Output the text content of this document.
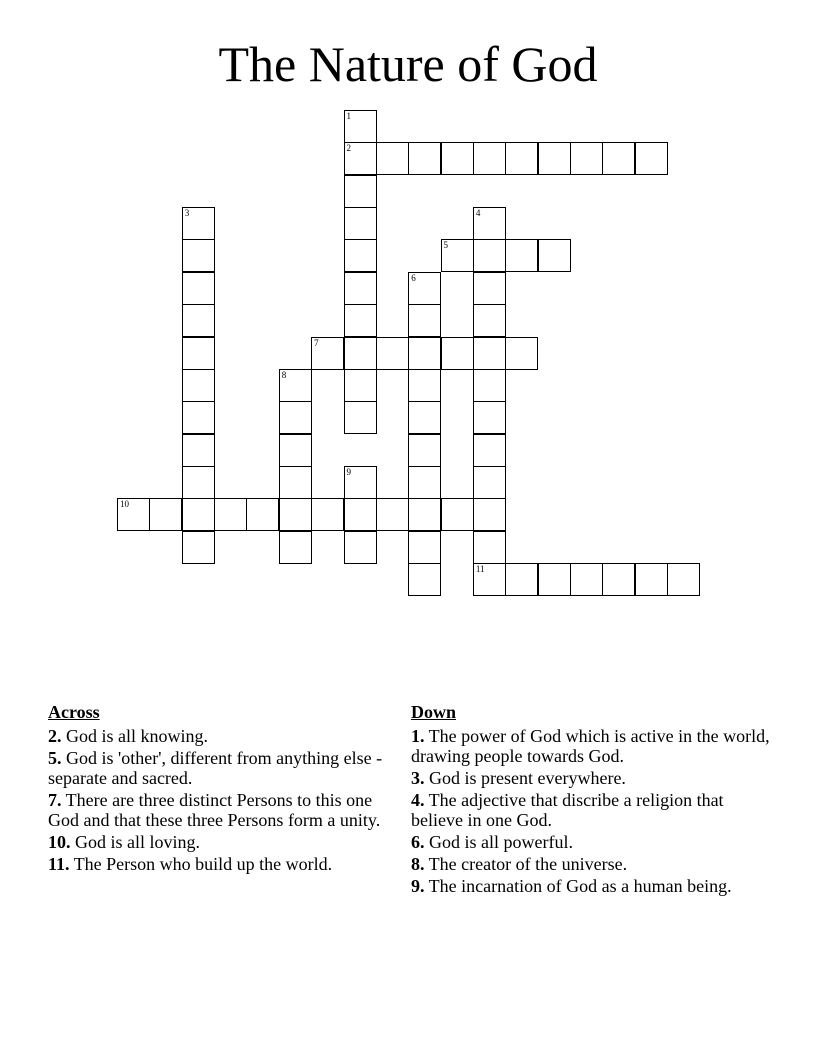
The Nature of God
1
2
3	4
5
6
7
8
9
10
11
Across
2. God is all knowing.
5. God is 'other', different from anything else - separate and sacred.
7. There are three distinct Persons to this one God and that these three Persons form a unity.
10. God is all loving.
11. The Person who build up the world.
Down
1. The power of God which is active in the world, drawing people towards God.
3. God is present everywhere.
4. The adjective that discribe a religion that believe in one God.
6. God is all powerful.
8. The creator of the universe.
9. The incarnation of God as a human being.
